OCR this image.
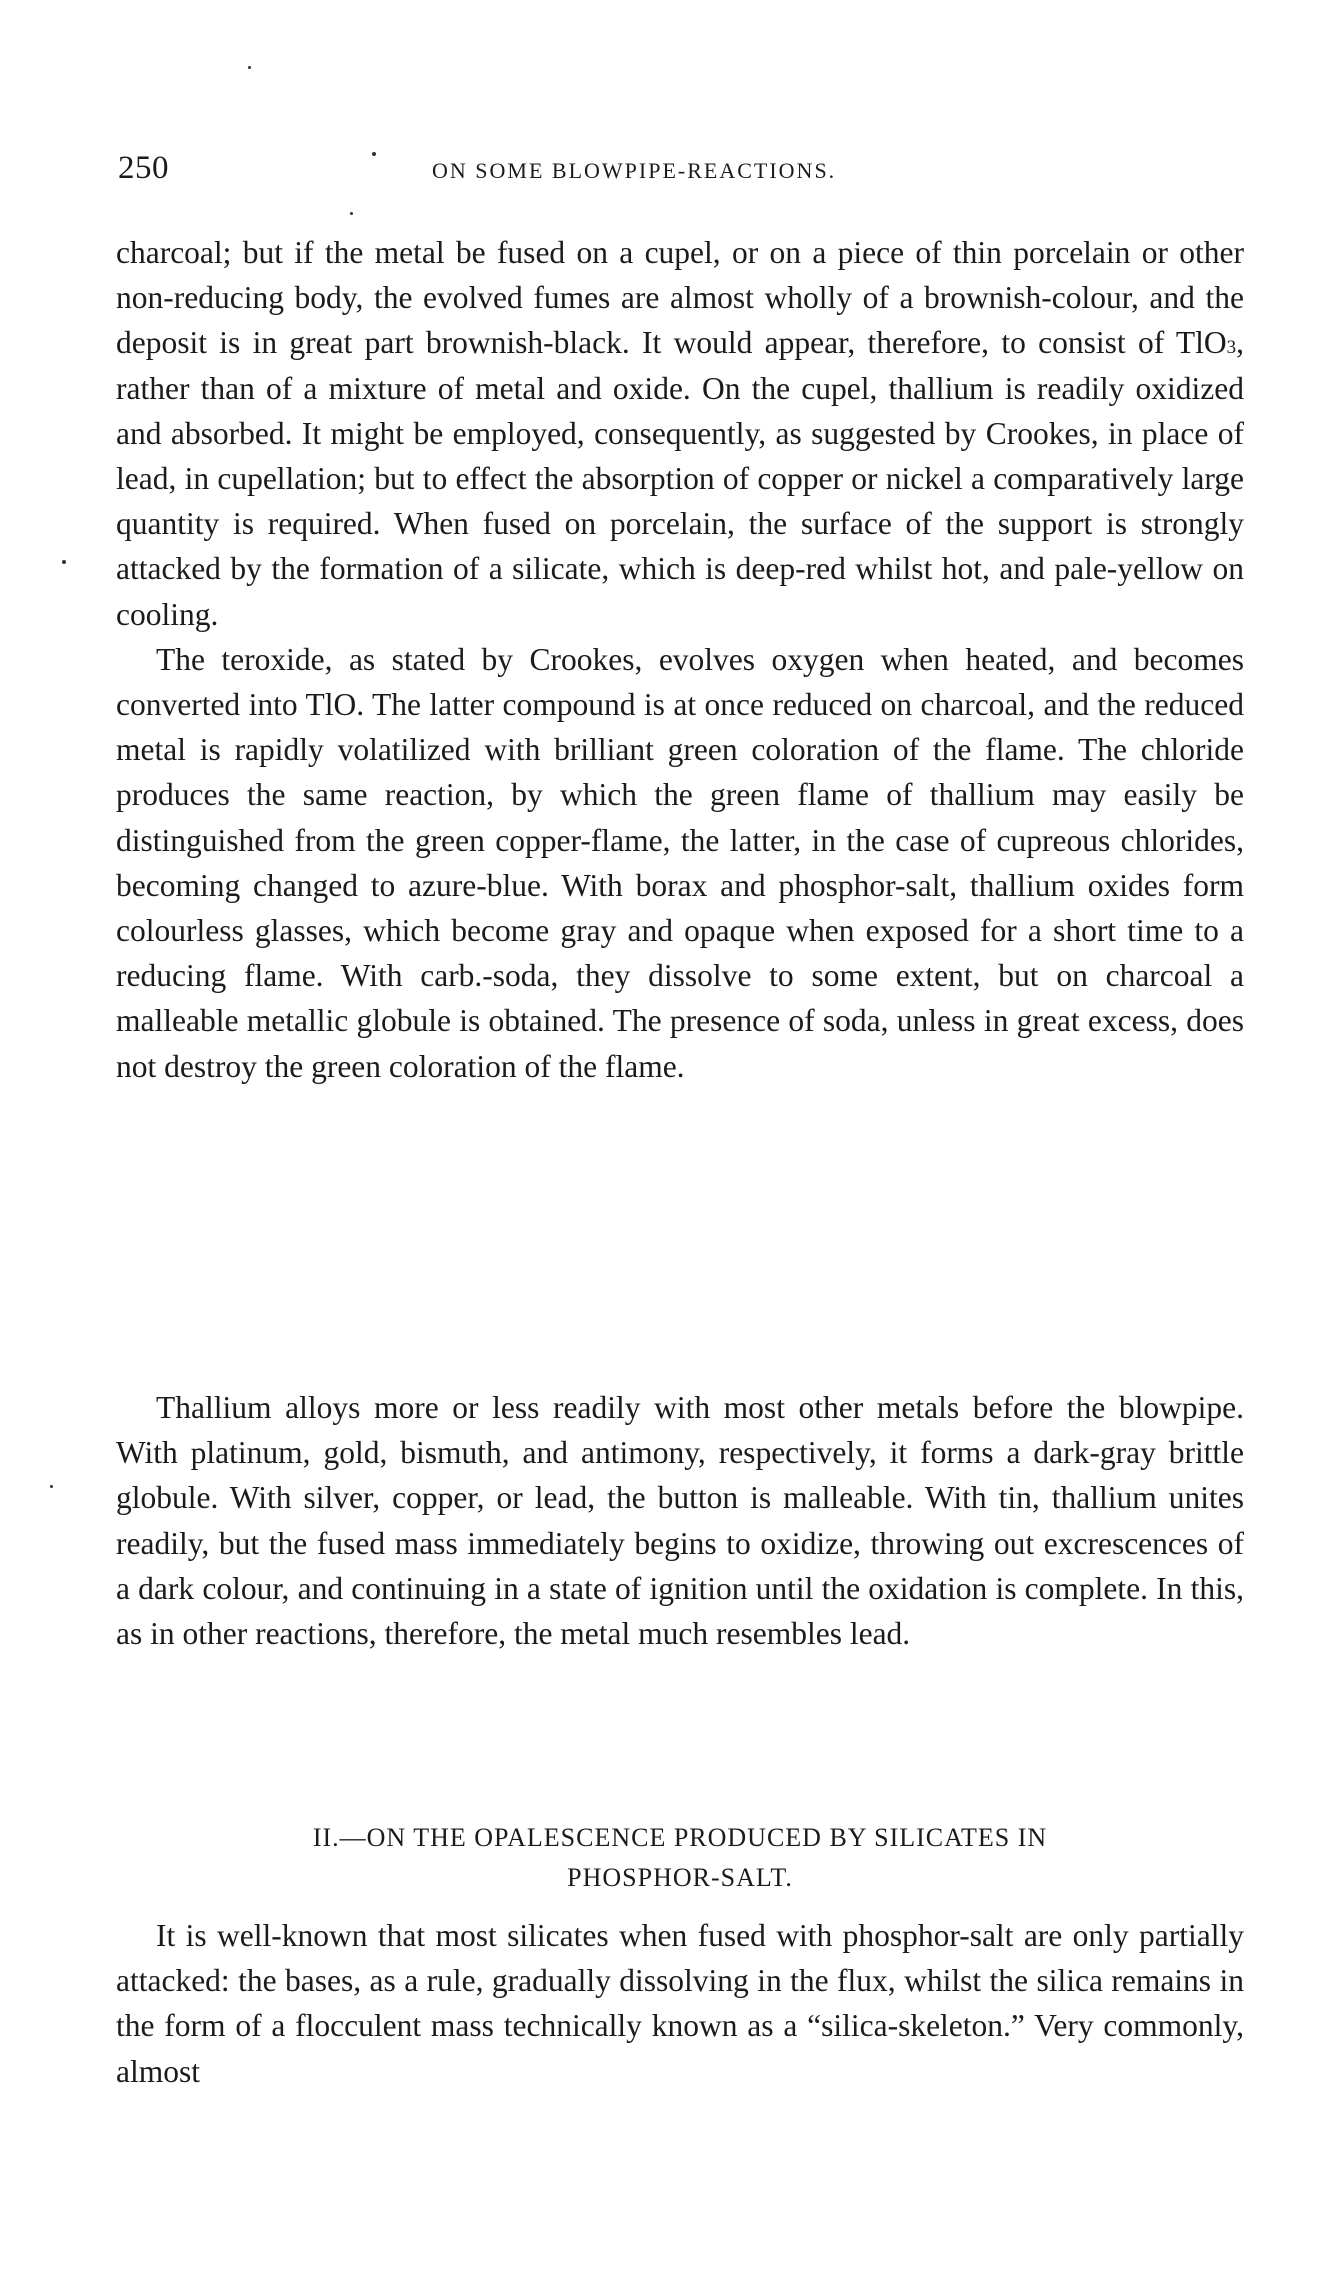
250	ON SOME BLOWPIPE-REACTIONS.

charcoal; but if the metal be fused on a cupel, or on a piece of thin porcelain or other non-reducing body, the evolved fumes are almost wholly of a brownish-colour, and the deposit is in great part brownish-black. It would appear, therefore, to consist of TlO$^3$, rather than of a mixture of metal and oxide. On the cupel, thallium is readily oxidized and absorbed. It might be employed, consequently, as suggested by Crookes, in place of lead, in cupellation; but to effect the absorption of copper or nickel a comparatively large quantity is required. When fused on porcelain, the surface of the support is strongly attacked by the formation of a silicate, which is deep-red whilst hot, and pale-yellow on cooling.

The teroxide, as stated by Crookes, evolves oxygen when heated, and becomes converted into TlO. The latter compound is at once reduced on charcoal, and the reduced metal is rapidly volatilized with brilliant green coloration of the flame. The chloride produces the same reaction, by which the green flame of thallium may easily be distinguished from the green copper-flame, the latter, in the case of cupreous chlorides, becoming changed to azure-blue. With borax and phosphor-salt, thallium oxides form colourless glasses, which become gray and opaque when exposed for a short time to a reducing flame. With carb.-soda, they dissolve to some extent, but on charcoal a malleable metallic globule is obtained. The presence of soda, unless in great excess, does not destroy the green coloration of the flame.

Thallium alloys more or less readily with most other metals before the blowpipe. With platinum, gold, bismuth, and antimony, respectively, it forms a dark-gray brittle globule. With silver, copper, or lead, the button is malleable. With tin, thallium unites readily, but the fused mass immediately begins to oxidize, throwing out excrescences of a dark colour, and continuing in a state of ignition until the oxidation is complete. In this, as in other reactions, therefore, the metal much resembles lead.

II.—ON THE OPALESCENCE PRODUCED BY SILICATES IN
PHOSPHOR-SALT.

It is well-known that most silicates when fused with phosphor-salt are only partially attacked: the bases, as a rule, gradually dissolving in the flux, whilst the silica remains in the form of a flocculent mass technically known as a “silica-skeleton.” Very commonly, almost
